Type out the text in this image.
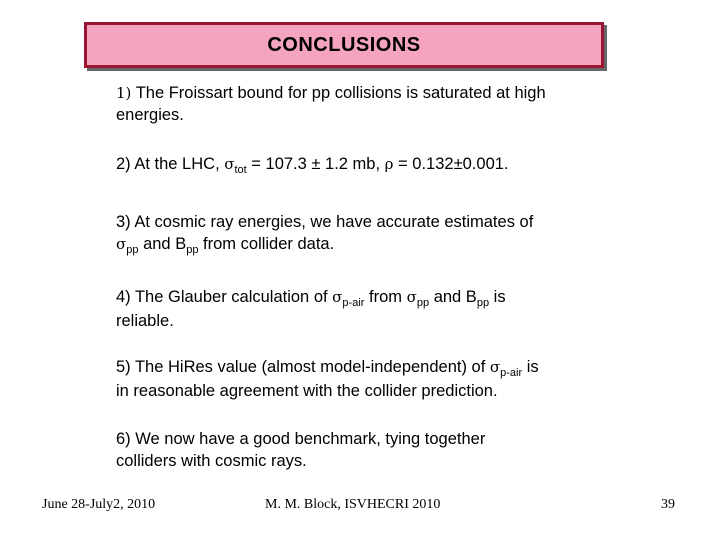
CONCLUSIONS
1) The Froissart bound for pp collisions is saturated at high
energies.
2) At the LHC, $\sigma_{tot} = 107.3 \pm 1.2$ mb, ρ = 0.132±0.001.
3) At cosmic ray energies, we have accurate estimates of
$\sigma_{pp}$ and $B_{pp}$ from collider data.
4) The Glauber calculation of $\sigma_{p-air}$ from $\sigma_{pp}$ and $B_{pp}$ is
reliable.
5) The HiRes value (almost model-independent) of $\sigma_{p-air}$ is
in reasonable agreement with the collider prediction.
6) We now have a good benchmark, tying together
colliders with cosmic rays.
June 28-July2, 2010	M. M. Block, ISVHECRI 2010	39
